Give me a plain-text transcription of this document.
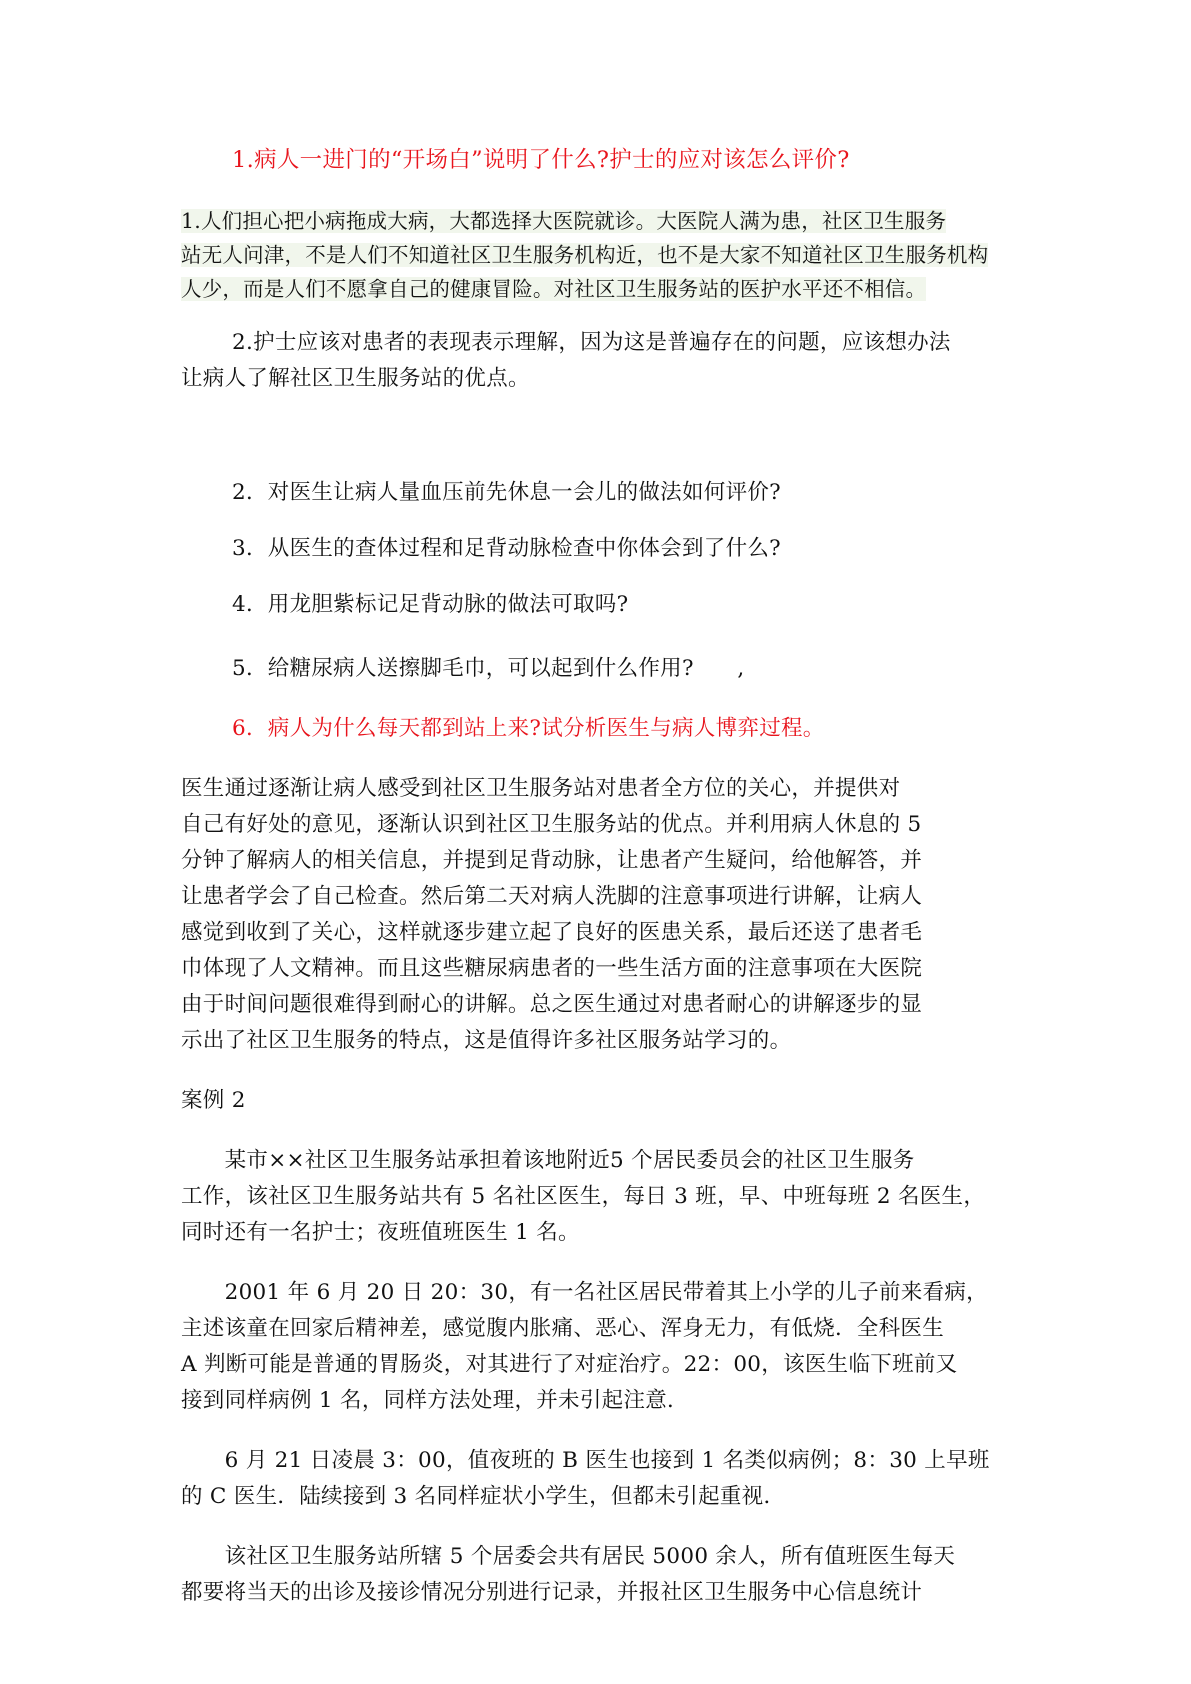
1.病人一进门的“开场白”说明了什么?护士的应对该怎么评价?
1.人们担心把小病拖成大病，大都选择大医院就诊。大医院人满为患，社区卫生服务
站无人问津，不是人们不知道社区卫生服务机构近，也不是大家不知道社区卫生服务机构
人少，而是人们不愿拿自己的健康冒险。对社区卫生服务站的医护水平还不相信。
2.护士应该对患者的表现表示理解，因为这是普遍存在的问题，应该想办法
让病人了解社区卫生服务站的优点。
2．对医生让病人量血压前先休息一会儿的做法如何评价?
3．从医生的查体过程和足背动脉检查中你体会到了什么?
4．用龙胆紫标记足背动脉的做法可取吗?
5．给糖尿病人送擦脚毛巾，可以起到什么作用?　　,
6．病人为什么每天都到站上来?试分析医生与病人博弈过程。
医生通过逐渐让病人感受到社区卫生服务站对患者全方位的关心，并提供对
自己有好处的意见，逐渐认识到社区卫生服务站的优点。并利用病人休息的 5
分钟了解病人的相关信息，并提到足背动脉，让患者产生疑问，给他解答，并
让患者学会了自己检查。然后第二天对病人洗脚的注意事项进行讲解，让病人
感觉到收到了关心，这样就逐步建立起了良好的医患关系，最后还送了患者毛
巾体现了人文精神。而且这些糖尿病患者的一些生活方面的注意事项在大医院
由于时间问题很难得到耐心的讲解。总之医生通过对患者耐心的讲解逐步的显
示出了社区卫生服务的特点，这是值得许多社区服务站学习的。
案例 2
　　某市××社区卫生服务站承担着该地附近5 个居民委员会的社区卫生服务
工作，该社区卫生服务站共有 5 名社区医生，每日 3 班，早、中班每班 2 名医生，
同时还有一名护士；夜班值班医生 1 名。
　　2001 年 6 月 20 日 20：30，有一名社区居民带着其上小学的儿子前来看病，
主述该童在回家后精神差，感觉腹内胀痛、恶心、浑身无力，有低烧．全科医生
A 判断可能是普通的胃肠炎，对其进行了对症治疗。22：00，该医生临下班前又
接到同样病例 1 名，同样方法处理，并未引起注意．
　　6 月 21 日凌晨 3：00，值夜班的 B 医生也接到 1 名类似病例；8：30 上早班
的 C 医生．陆续接到 3 名同样症状小学生，但都未引起重视．
　　该社区卫生服务站所辖 5 个居委会共有居民 5000 余人，所有值班医生每天
都要将当天的出诊及接诊情况分别进行记录，并报社区卫生服务中心信息统计
